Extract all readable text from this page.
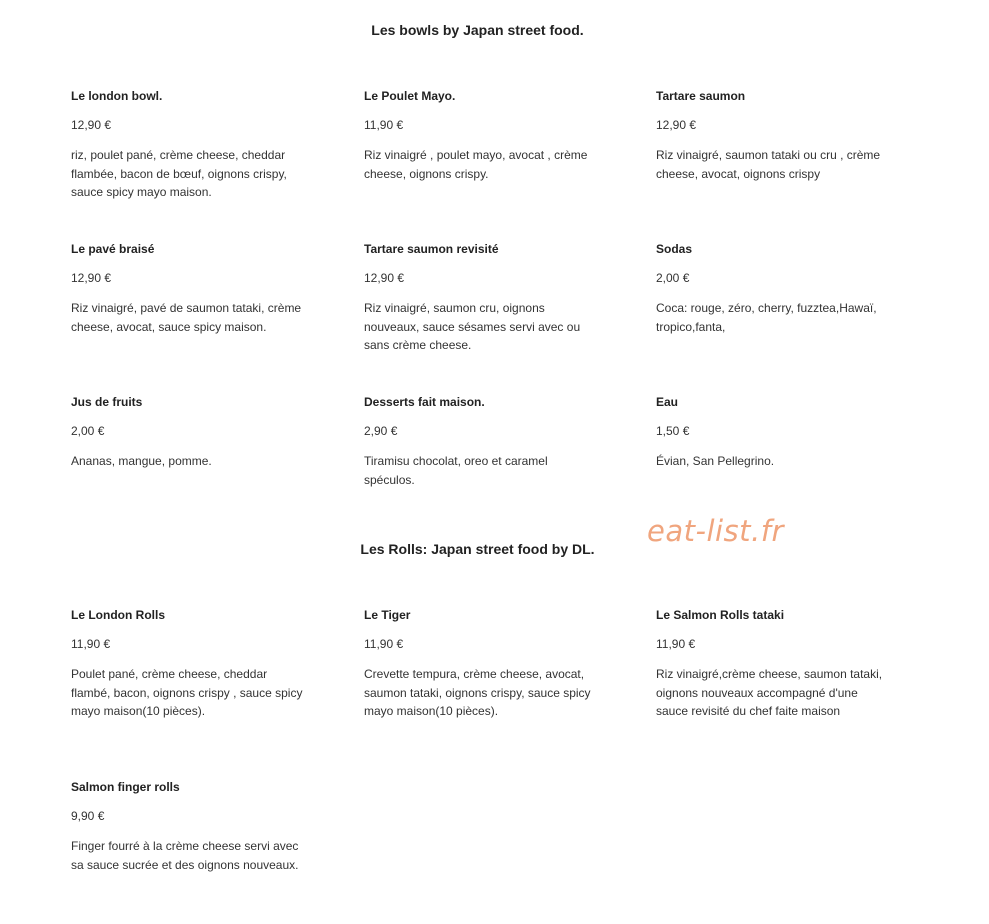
Les bowls by Japan street food.
Le london bowl.
12,90 €
riz, poulet pané, crème cheese, cheddar flambée, bacon de bœuf, oignons crispy, sauce spicy mayo maison.
Le Poulet Mayo.
11,90 €
Riz vinaigré , poulet mayo, avocat , crème cheese, oignons crispy.
Tartare saumon
12,90 €
Riz vinaigré, saumon tataki ou cru , crème cheese, avocat, oignons crispy
Le pavé braisé
12,90 €
Riz vinaigré, pavé de saumon tataki, crème cheese, avocat, sauce spicy maison.
Tartare saumon revisité
12,90 €
Riz vinaigré, saumon cru, oignons nouveaux, sauce sésames servi avec ou sans crème cheese.
Sodas
2,00 €
Coca: rouge, zéro, cherry, fuzztea,Hawaï, tropico,fanta,
Jus de fruits
2,00 €
Ananas, mangue, pomme.
Desserts fait maison.
2,90 €
Tiramisu chocolat, oreo et caramel spéculos.
Eau
1,50 €
Évian, San Pellegrino.
eat-list.fr
Les Rolls: Japan street food by DL.
Le London Rolls
11,90 €
Poulet pané, crème cheese, cheddar flambé, bacon, oignons crispy , sauce spicy mayo maison(10 pièces).
Le Tiger
11,90 €
Crevette tempura, crème cheese, avocat, saumon tataki, oignons crispy, sauce spicy mayo maison(10 pièces).
Le Salmon Rolls tataki
11,90 €
Riz vinaigré,crème cheese, saumon tataki, oignons nouveaux accompagné d'une sauce revisité du chef faite maison
Salmon finger rolls
9,90 €
Finger fourré à la crème cheese servi avec sa sauce sucrée et des oignons nouveaux.
